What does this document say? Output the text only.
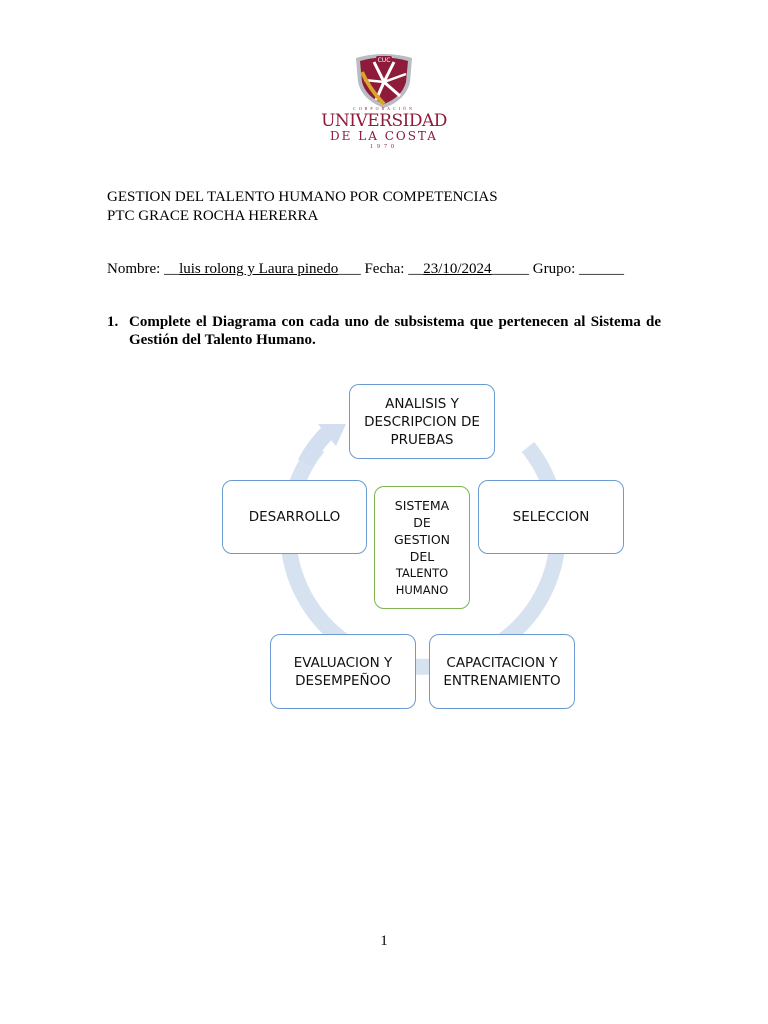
CUC
CORPORACIÓN
UNIVERSIDAD
DE LA COSTA
1970
GESTION DEL TALENTO HUMANO POR COMPETENCIAS
PTC GRACE ROCHA HERERRA
Nombre: __luis rolong y Laura pinedo___ Fecha: __23/10/2024_____ Grupo: ______
1. Complete el Diagrama con cada uno de subsistema que pertenecen al Sistema de Gestión del Talento Humano.
ANALISIS Y
DESCRIPCION DE
PRUEBAS
SELECCION
CAPACITACION Y
ENTRENAMIENTO
EVALUACION Y
DESEMPEÑOO
DESARROLLO
SISTEMA
DE
GESTION
DEL
TALENTO
HUMANO
1
